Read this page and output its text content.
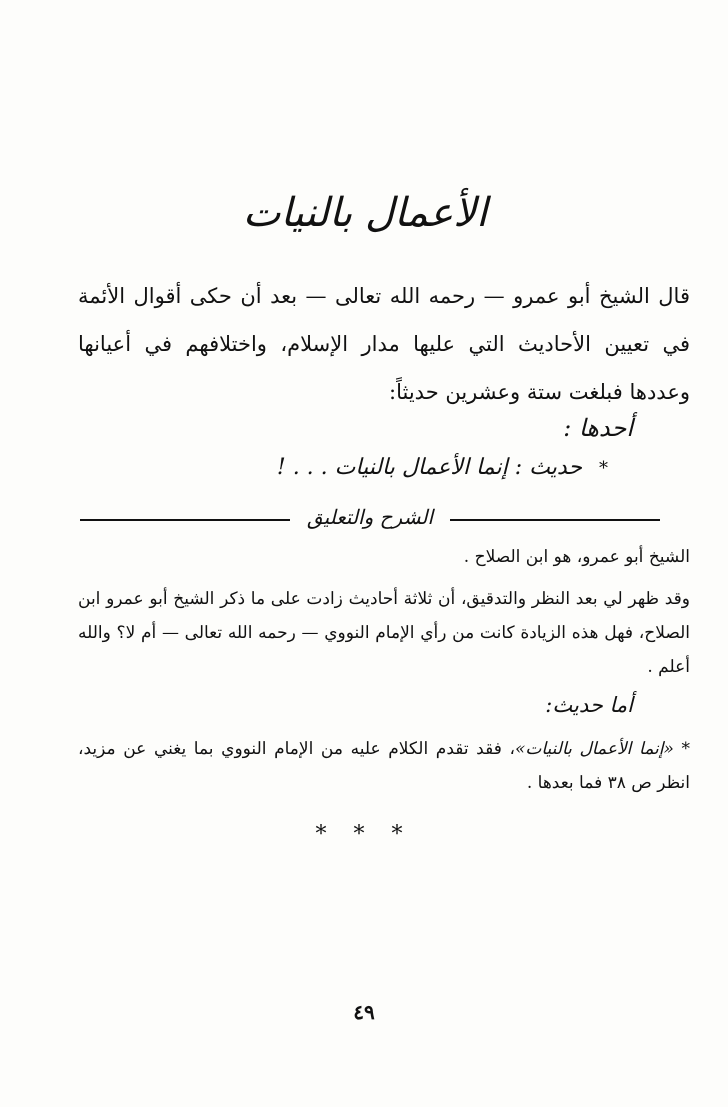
الأعمال بالنيات
قال الشيخ أبو عمرو — رحمه الله تعالى — بعد أن حكى أقوال الأئمة في تعيين الأحاديث التي عليها مدار الإسلام، واختلافهم في أعيانها وعددها فبلغت ستة وعشرين حديثاً:
أحدها :
* حديث : إنما الأعمال بالنيات . . . !
الشرح والتعليق
الشيخ أبو عمرو، هو ابن الصلاح .
وقد ظهر لي بعد النظر والتدقيق، أن ثلاثة أحاديث زادت على ما ذكر الشيخ أبو عمرو ابن الصلاح، فهل هذه الزيادة كانت من رأي الإمام النووي — رحمه الله تعالى — أم لا؟ والله أعلم .
أما حديث:
* «إنما الأعمال بالنيات»، فقد تقدم الكلام عليه من الإمام النووي بما يغني عن مزيد، انظر ص ٣٨ فما بعدها .
* * *
٤٩
